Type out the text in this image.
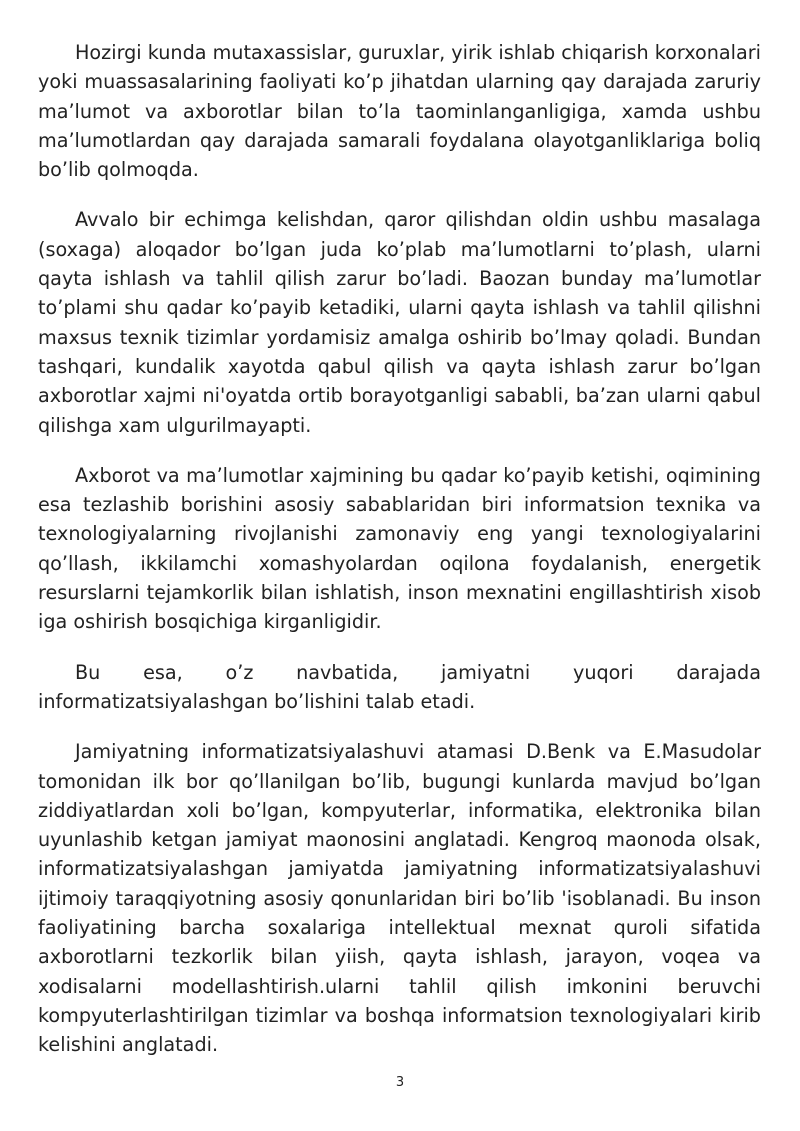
Hozirgi kunda mutaxassislar, guruxlar, yirik ishlab chiqarish korxonalari yoki muassasalarining faoliyati ko’p jihatdan ularning qay darajada zaruriy ma’lumot va axborotlar bilan to’la taominlanganligiga, xamda ushbu ma’lumotlardan qay darajada samarali foydalana olayotganliklariga boliq bo’lib qolmoqda.

Avvalo bir echimga kelishdan, qaror qilishdan oldin ushbu masalaga (soxaga) aloqador bo’lgan juda ko’plab ma’lumotlarni to’plash, ularni qayta ishlash va tahlil qilish zarur bo’ladi. Baozan bunday ma’lumotlar to’plami shu qadar ko’payib ketadiki, ularni qayta ishlash va tahlil qilishni maxsus texnik tizimlar yordamisiz amalga oshirib bo’lmay qoladi. Bundan tashqari, kundalik xayotda qabul qilish va qayta ishlash zarur bo’lgan axborotlar xajmi ni'oyatda ortib borayotganligi sababli, ba’zan ularni qabul qilishga xam ulgurilmayapti.

Axborot va ma’lumotlar xajmining bu qadar ko’payib ketishi, oqimining esa tezlashib borishini asosiy sabablaridan biri informatsion texnika va texnologiyalarning rivojlanishi zamonaviy eng yangi texnologiyalarini qo’llash, ikkilamchi xomashyolardan oqilona foydalanish, energetik resurslarni tejamkorlik bilan ishlatish, inson mexnatini engillashtirish xisob iga oshirish bosqichiga kirganligidir.

Bu esa, o’z navbatida, jamiyatni yuqori darajada informatizatsiyalashgan bo’lishini talab etadi.

Jamiyatning informatizatsiyalashuvi atamasi D.Benk va E.Masudolar tomonidan ilk bor qo’llanilgan bo’lib, bugungi kunlarda mavjud bo’lgan ziddiyatlardan xoli bo’lgan, kompyuterlar, informatika, elektronika bilan uyunlashib ketgan jamiyat maonosini anglatadi. Kengroq maonoda olsak, informatizatsiyalashgan jamiyatda jamiyatning informatizatsiyalashuvi ijtimoiy taraqqiyotning asosiy qonunlaridan biri bo’lib 'isoblanadi. Bu inson faoliyatining barcha soxalariga intellektual mexnat quroli sifatida axborotlarni tezkorlik bilan yiish, qayta ishlash, jarayon, voqea va xodisalarni modellashtirish.ularni tahlil qilish imkonini beruvchi kompyuterlashtirilgan tizimlar va boshqa informatsion texnologiyalari kirib kelishini anglatadi.

3
